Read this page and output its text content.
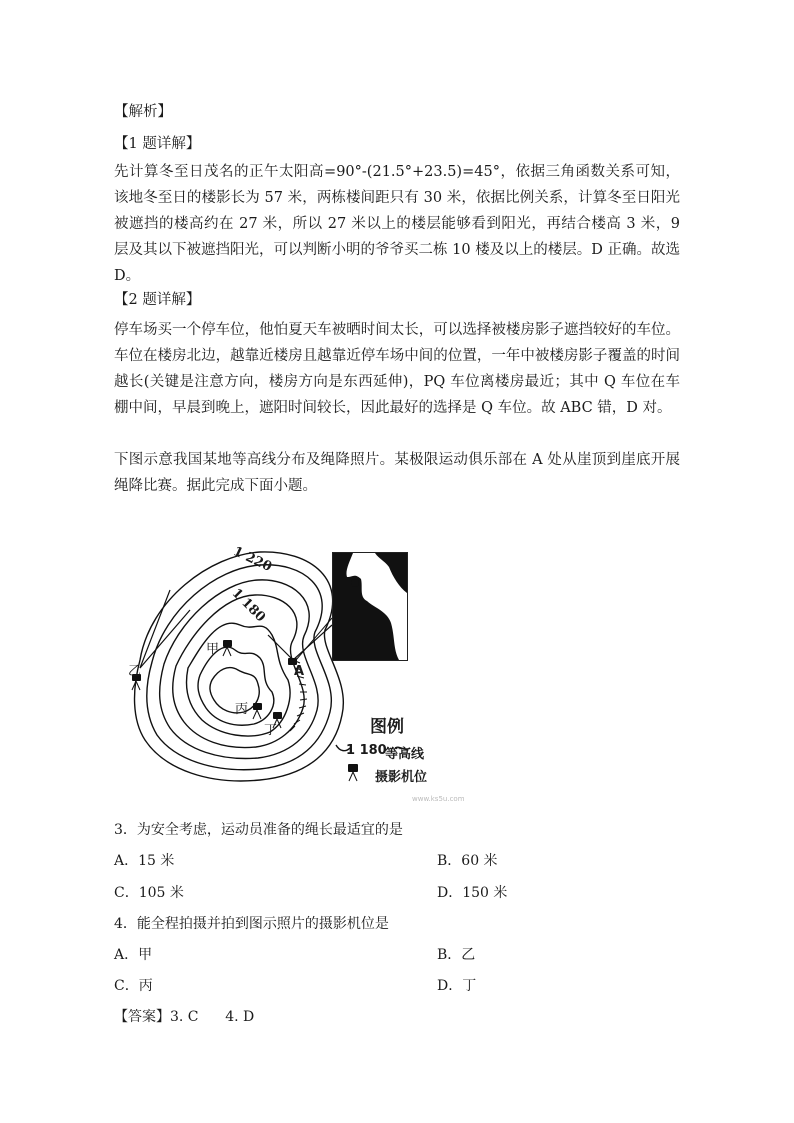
【解析】
【1 题详解】
先计算冬至日茂名的正午太阳高=90°-(21.5°+23.5)=45°，依据三角函数关系可知，该地冬至日的楼影长为 57 米，两栋楼间距只有 30 米，依据比例关系，计算冬至日阳光被遮挡的楼高约在 27 米，所以 27 米以上的楼层能够看到阳光，再结合楼高 3 米，9 层及其以下被遮挡阳光，可以判断小明的爷爷买二栋 10 楼及以上的楼层。D 正确。故选 D。
【2 题详解】
停车场买一个停车位，他怕夏天车被晒时间太长，可以选择被楼房影子遮挡较好的车位。车位在楼房北边，越靠近楼房且越靠近停车场中间的位置，一年中被楼房影子覆盖的时间越长(关键是注意方向，楼房方向是东西延伸)，PQ 车位离楼房最近；其中 Q 车位在车棚中间，早晨到晚上，遮阳时间较长，因此最好的选择是 Q 车位。故 ABC 错，D 对。
下图示意我国某地等高线分布及绳降照片。某极限运动俱乐部在 A 处从崖顶到崖底开展绳降比赛。据此完成下面小题。
1 220
1 180
甲
乙
丙
丁
A
图例
1 180
等高线
摄影机位
www.ks5u.com
3．为安全考虑，运动员准备的绳长最适宜的是
A．15 米	B．60 米
C．105 米	D．150 米
4．能全程拍摄并拍到图示照片的摄影机位是
A．甲	B．乙
C．丙	D．丁
【答案】3. C      4. D
